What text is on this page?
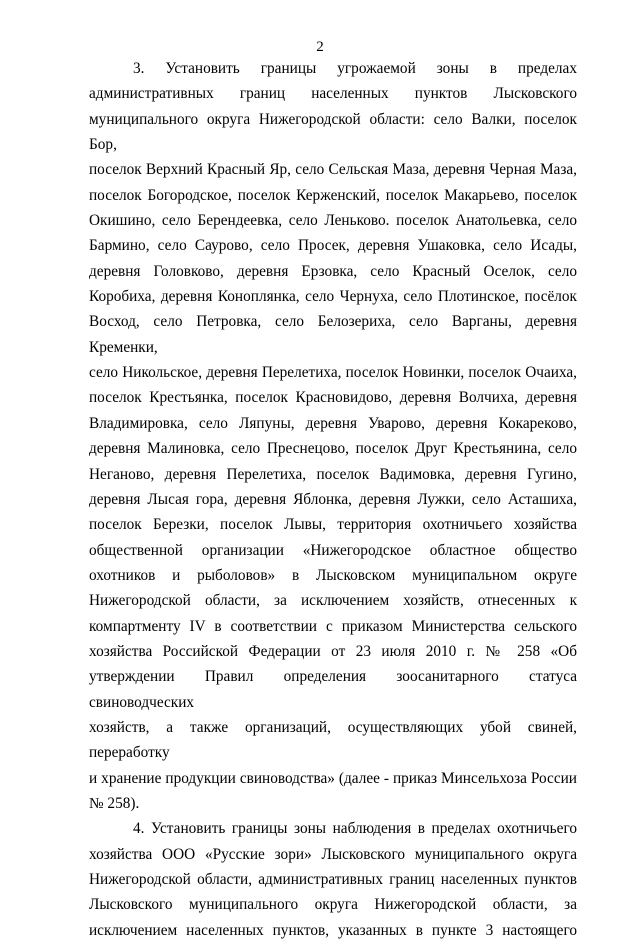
2

3. Установить границы угрожаемой зоны в пределах
административных границ населенных пунктов Лысковского
муниципального округа Нижегородской области: село Валки, поселок Бор,
поселок Верхний Красный Яр, село Сельская Маза, деревня Черная Маза,
поселок Богородское, поселок Керженский, поселок Макарьево, поселок
Окишино, село Берендеевка, село Леньково. поселок Анатольевка, село
Бармино, село Саурово, село Просек, деревня Ушаковка, село Исады,
деревня Головково, деревня Ерзовка, село Красный Оселок, село
Коробиха, деревня Коноплянка, село Чернуха, село Плотинское, посёлок
Восход, село Петровка, село Белозериха, село Варганы, деревня Кременки,
село Никольское, деревня Перелетиха, поселок Новинки, поселок Очаиха,
поселок Крестьянка, поселок Красновидово, деревня Волчиха, деревня
Владимировка, село Ляпуны, деревня Уварово, деревня Кокареково,
деревня Малиновка, село Преснецово, поселок Друг Крестьянина, село
Неганово, деревня Перелетиха, поселок Вадимовка, деревня Гугино,
деревня Лысая гора, деревня Яблонка, деревня Лужки, село Асташиха,
поселок Березки, поселок Лывы, территория охотничьего хозяйства
общественной организации «Нижегородское областное общество
охотников и рыболовов» в Лысковском муниципальном округе
Нижегородской области, за исключением хозяйств, отнесенных к
компартменту IV в соответствии с приказом Министерства сельского
хозяйства Российской Федерации от 23 июля 2010 г. № 258 «Об
утверждении Правил определения зоосанитарного статуса свиноводческих
хозяйств, а также организаций, осуществляющих убой свиней, переработку
и хранение продукции свиноводства» (далее - приказ Минсельхоза России
№ 258).

4. Установить границы зоны наблюдения в пределах охотничьего
хозяйства ООО «Русские зори» Лысковского муниципального округа
Нижегородской области, административных границ населенных пунктов
Лысковского муниципального округа Нижегородской области, за
исключением населенных пунктов, указанных в пункте 3 настоящего
